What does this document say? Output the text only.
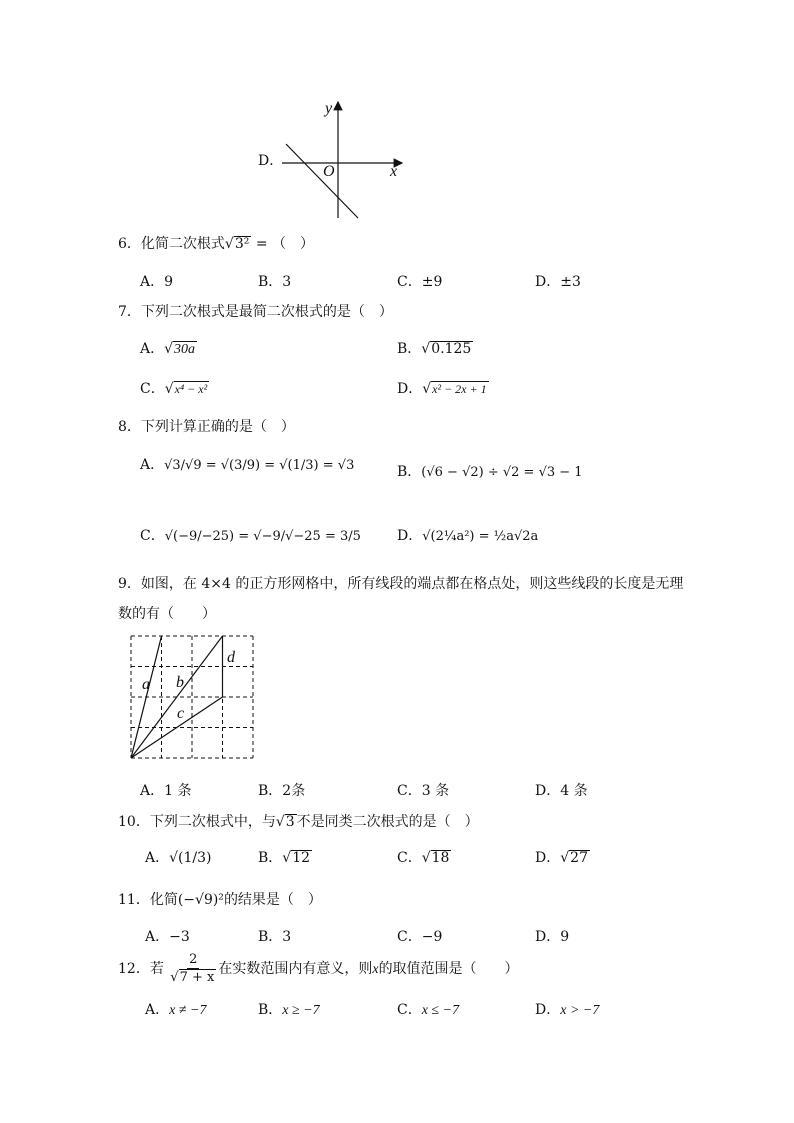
D．
y
x
O
6．化简二次根式√3² = （　）
A．9	B．3	C．±9	D．±3
7．下列二次根式是最简二次根式的是（　）
A．√30a	B．√0.125
C．√x⁴ − x²	D．√x² − 2x + 1
8．下列计算正确的是（　）
A．√3/√9 = √(3/9) = √(1/3) = √3	B．(√6 − √2) ÷ √2 = √3 − 1
C．√(−9/−25) = √−9/√−25 = 3/5	D．√(2¼a²) = ½a√2a
9．如图，在 4×4 的正方形网格中，所有线段的端点都在格点处，则这些线段的长度是无理
数的有（　　）
a b
c
d
A．1 条	B．2条	C．3 条	D．4 条
10．下列二次根式中，与√3 不是同类二次根式的是（　）
A．√(1/3)	B．√12	C．√18	D．√27
11．化简(−√9)²的结果是（　）
A．−3	B．3	C．−9	D．9
12．若 $\frac{2}{√7 + x}$ 在实数范围内有意义，则x的取值范围是（　　）
A．x ≠ −7	B．x ≥ −7	C．x ≤ −7	D．x > −7
